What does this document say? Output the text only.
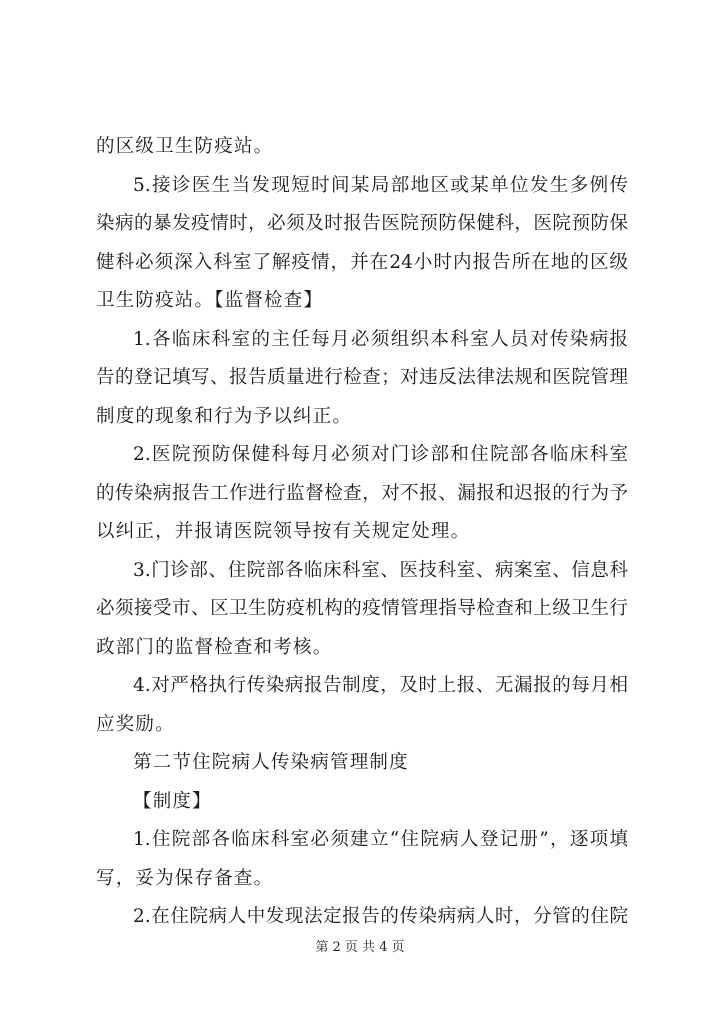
的区级卫生防疫站。
5.接诊医生当发现短时间某局部地区或某单位发生多例传
染病的暴发疫情时，必须及时报告医院预防保健科，医院预防保
健科必须深入科室了解疫情，并在24小时内报告所在地的区级
卫生防疫站。【监督检查】
1.各临床科室的主任每月必须组织本科室人员对传染病报
告的登记填写、报告质量进行检查；对违反法律法规和医院管理
制度的现象和行为予以纠正。
2.医院预防保健科每月必须对门诊部和住院部各临床科室
的传染病报告工作进行监督检查，对不报、漏报和迟报的行为予
以纠正，并报请医院领导按有关规定处理。
3.门诊部、住院部各临床科室、医技科室、病案室、信息科
必须接受市、区卫生防疫机构的疫情管理指导检查和上级卫生行
政部门的监督检查和考核。
4.对严格执行传染病报告制度，及时上报、无漏报的每月相
应奖励。
第二节住院病人传染病管理制度
【制度】
1.住院部各临床科室必须建立“住院病人登记册”，逐项填
写，妥为保存备查。
2.在住院病人中发现法定报告的传染病病人时，分管的住院
第 2 页 共 4 页
